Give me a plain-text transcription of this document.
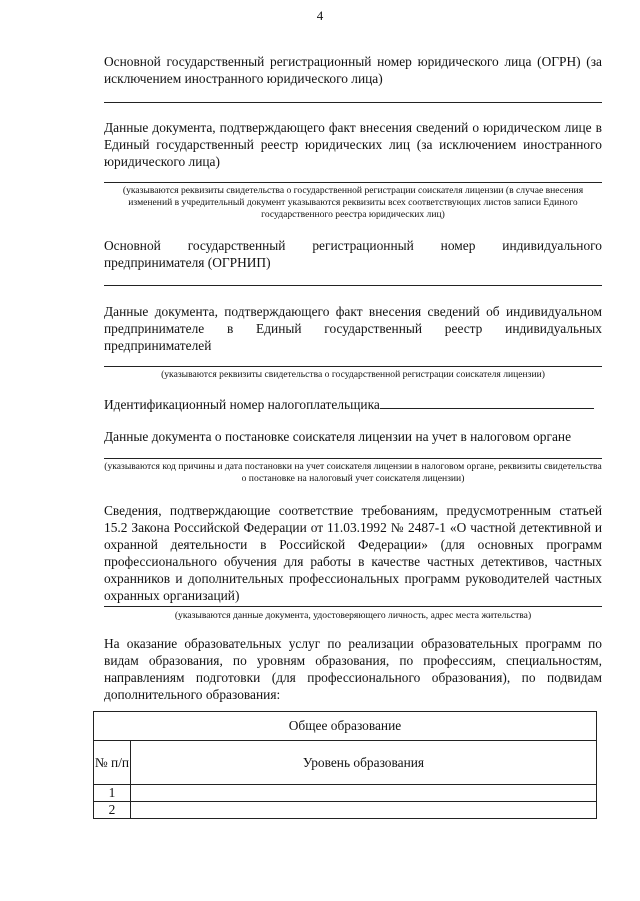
4
Основной государственный регистрационный номер юридического лица (ОГРН) (за исключением иностранного юридического лица)
Данные документа, подтверждающего факт внесения сведений о юридическом лице в Единый государственный реестр юридических лиц (за исключением иностранного юридического лица)
(указываются реквизиты свидетельства о государственной регистрации соискателя лицензии (в случае внесения изменений в учредительный документ указываются реквизиты всех соответствующих листов записи Единого государственного реестра юридических лиц)
Основной государственный регистрационный номер индивидуального предпринимателя (ОГРНИП)
Данные документа, подтверждающего факт внесения сведений об индивидуальном предпринимателе в Единый государственный реестр индивидуальных предпринимателей
(указываются реквизиты свидетельства о государственной регистрации соискателя лицензии)
Идентификационный номер налогоплательщика
Данные документа о постановке соискателя лицензии на учет в налоговом органе
(указываются код причины и дата постановки на учет соискателя лицензии в налоговом органе, реквизиты свидетельства о постановке на налоговый учет соискателя лицензии)
Сведения, подтверждающие соответствие требованиям, предусмотренным статьей 15.2 Закона Российской Федерации от 11.03.1992 № 2487-1 «О частной детективной и охранной деятельности в Российской Федерации» (для основных программ профессионального обучения для работы в качестве частных детективов, частных охранников и дополнительных профессиональных программ руководителей частных охранных организаций)
(указываются данные документа, удостоверяющего личность, адрес места жительства)
На оказание образовательных услуг по реализации образовательных программ по видам образования, по уровням образования, по профессиям, специальностям, направлениям подготовки (для профессионального образования), по подвидам дополнительного образования:
Общее образование	
№ п/п	Уровень образования
1	
2	
